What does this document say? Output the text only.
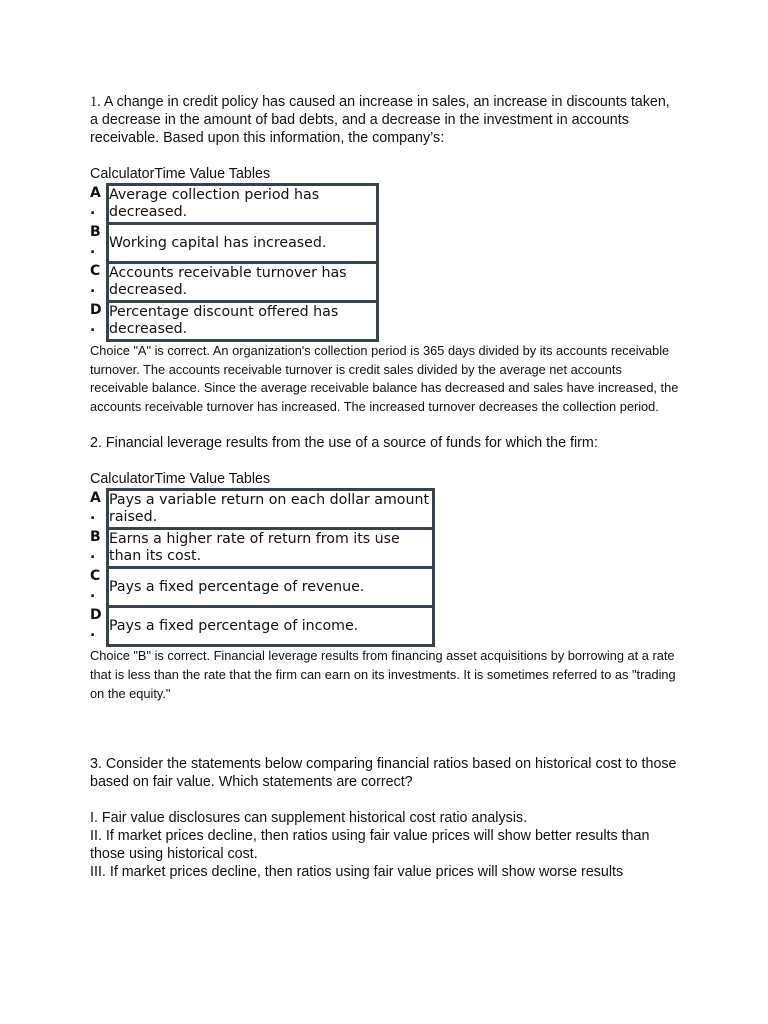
1. A change in credit policy has caused an increase in sales, an increase in discounts taken, a decrease in the amount of bad debts, and a decrease in the investment in accounts receivable. Based upon this information, the company’s:

CalculatorTime Value Tables

A
.	Average collection period has decreased.

B
.	Working capital has increased.

C
.	Accounts receivable turnover has decreased.

D
.	Percentage discount offered has decreased.

Choice "A" is correct. An organization's collection period is 365 days divided by its accounts receivable turnover. The accounts receivable turnover is credit sales divided by the average net accounts receivable balance. Since the average receivable balance has decreased and sales have increased, the accounts receivable turnover has increased. The increased turnover decreases the collection period.

2. Financial leverage results from the use of a source of funds for which the firm:

CalculatorTime Value Tables

A
.	Pays a variable return on each dollar amount raised.

B
.	Earns a higher rate of return from its use than its cost.

C
.	Pays a fixed percentage of revenue.

D
.	Pays a fixed percentage of income.

Choice "B" is correct. Financial leverage results from financing asset acquisitions by borrowing at a rate that is less than the rate that the firm can earn on its investments. It is sometimes referred to as "trading on the equity."

3. Consider the statements below comparing financial ratios based on historical cost to those based on fair value. Which statements are correct?

I. Fair value disclosures can supplement historical cost ratio analysis.

II. If market prices decline, then ratios using fair value prices will show better results than those using historical cost.

III. If market prices decline, then ratios using fair value prices will show worse results
